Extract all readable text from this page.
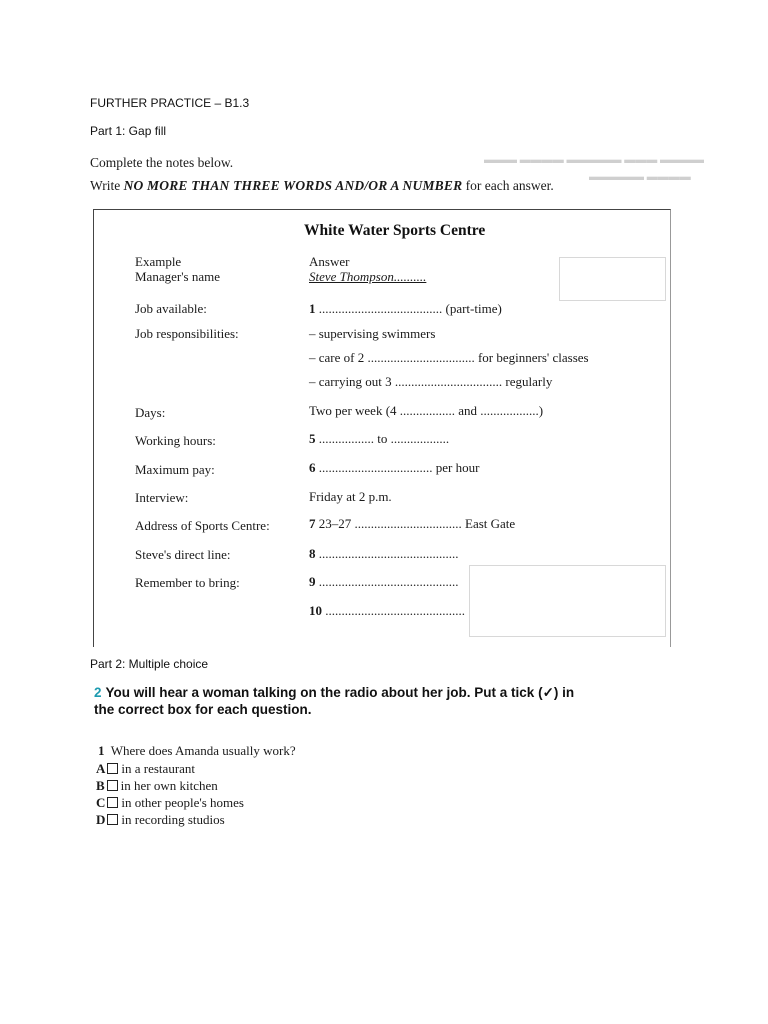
FURTHER PRACTICE – B1.3
Part 1: Gap fill
▬▬▬ ▬▬▬▬ ▬▬▬▬▬ ▬▬▬ ▬▬▬▬
▬▬▬▬▬ ▬▬▬▬
Complete the notes below.
Write NO MORE THAN THREE WORDS AND/OR A NUMBER for each answer.
White Water Sports Centre
Example	Answer
Manager's name	Steve Thompson..........
Job available:	1 ...................................... (part-time)
Job responsibilities:	– supervising swimmers
– care of 2 ................................. for beginners' classes
– carrying out 3 ................................. regularly
Days:	Two per week (4 ................. and ..................)
Working hours:	5 ................. to ..................
Maximum pay:	6 ................................... per hour
Interview:	Friday at 2 p.m.
Address of Sports Centre:	7 23–27 ................................. East Gate
Steve's direct line:	8 ...........................................
Remember to bring:	9 ...........................................
10 ...........................................
Part 2: Multiple choice
2 You will hear a woman talking on the radio about her job. Put a tick (✓) in the correct box for each question.
1 Where does Amanda usually work?
A in a restaurant
B in her own kitchen
C in other people's homes
D in recording studios
